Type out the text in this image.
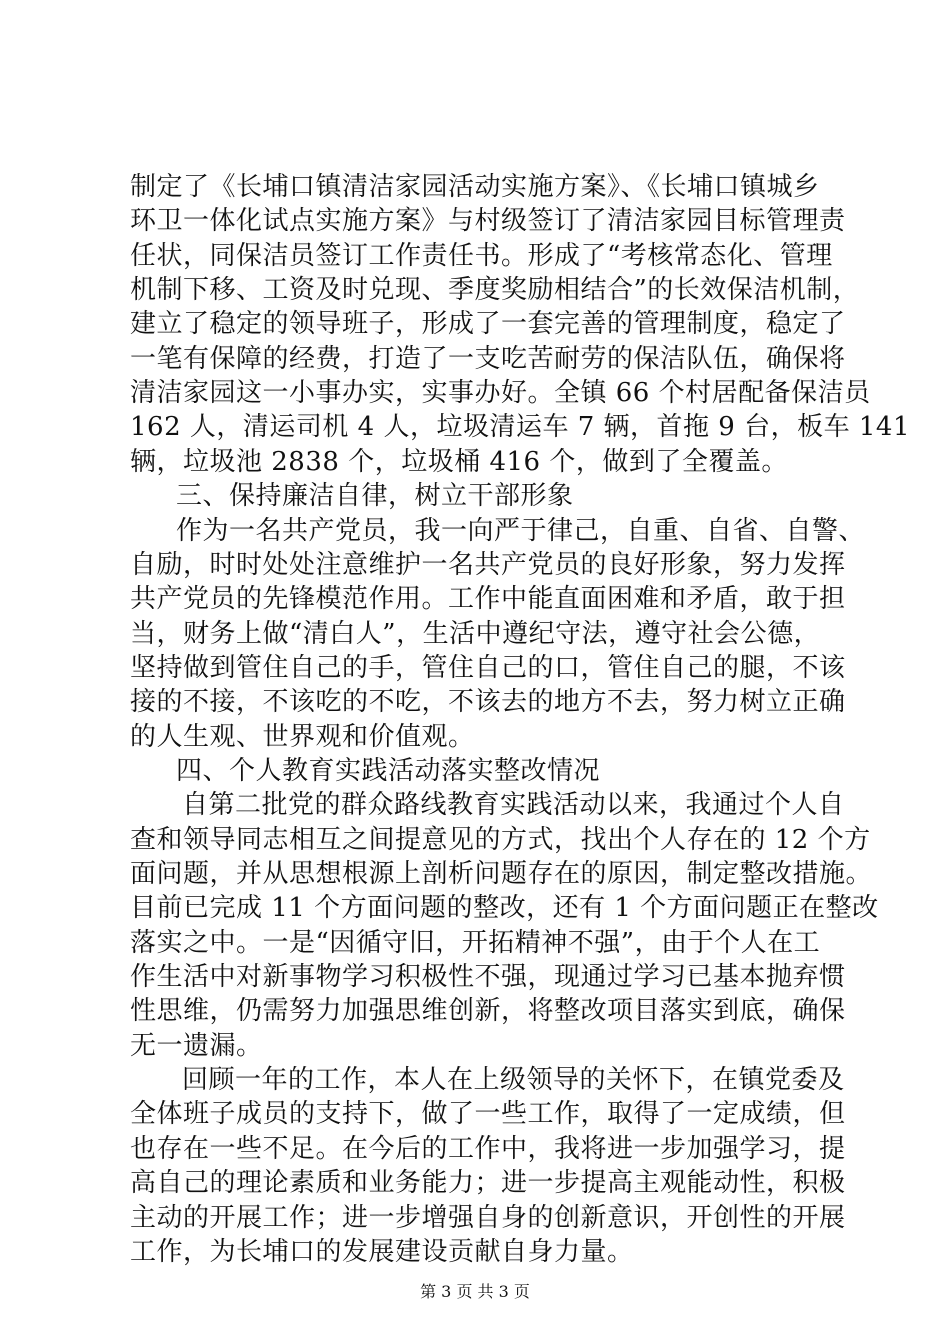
制定了《长埔口镇清洁家园活动实施方案》、《长埔口镇城乡
环卫一体化试点实施方案》与村级签订了清洁家园目标管理责
任状，同保洁员签订工作责任书。形成了“考核常态化、管理
机制下移、工资及时兑现、季度奖励相结合”的长效保洁机制，
建立了稳定的领导班子，形成了一套完善的管理制度，稳定了
一笔有保障的经费，打造了一支吃苦耐劳的保洁队伍，确保将
清洁家园这一小事办实，实事办好。全镇 66 个村居配备保洁员
162 人，清运司机 4 人，垃圾清运车 7 辆，首拖 9 台，板车 141
辆，垃圾池 2838 个，垃圾桶 416 个，做到了全覆盖。
三、保持廉洁自律，树立干部形象
作为一名共产党员，我一向严于律己，自重、自省、自警、
自励，时时处处注意维护一名共产党员的良好形象，努力发挥
共产党员的先锋模范作用。工作中能直面困难和矛盾，敢于担
当，财务上做“清白人”，生活中遵纪守法，遵守社会公德，
坚持做到管住自己的手，管住自己的口，管住自己的腿，不该
接的不接，不该吃的不吃，不该去的地方不去，努力树立正确
的人生观、世界观和价值观。
四、个人教育实践活动落实整改情况
自第二批党的群众路线教育实践活动以来，我通过个人自
查和领导同志相互之间提意见的方式，找出个人存在的 12 个方
面问题，并从思想根源上剖析问题存在的原因，制定整改措施。
目前已完成 11 个方面问题的整改，还有 1 个方面问题正在整改
落实之中。一是“因循守旧，开拓精神不强”，由于个人在工
作生活中对新事物学习积极性不强，现通过学习已基本抛弃惯
性思维，仍需努力加强思维创新，将整改项目落实到底，确保
无一遗漏。
回顾一年的工作，本人在上级领导的关怀下，在镇党委及
全体班子成员的支持下，做了一些工作，取得了一定成绩，但
也存在一些不足。在今后的工作中，我将进一步加强学习，提
高自己的理论素质和业务能力；进一步提高主观能动性，积极
主动的开展工作；进一步增强自身的创新意识，开创性的开展
工作，为长埔口的发展建设贡献自身力量。
第 3 页 共 3 页
